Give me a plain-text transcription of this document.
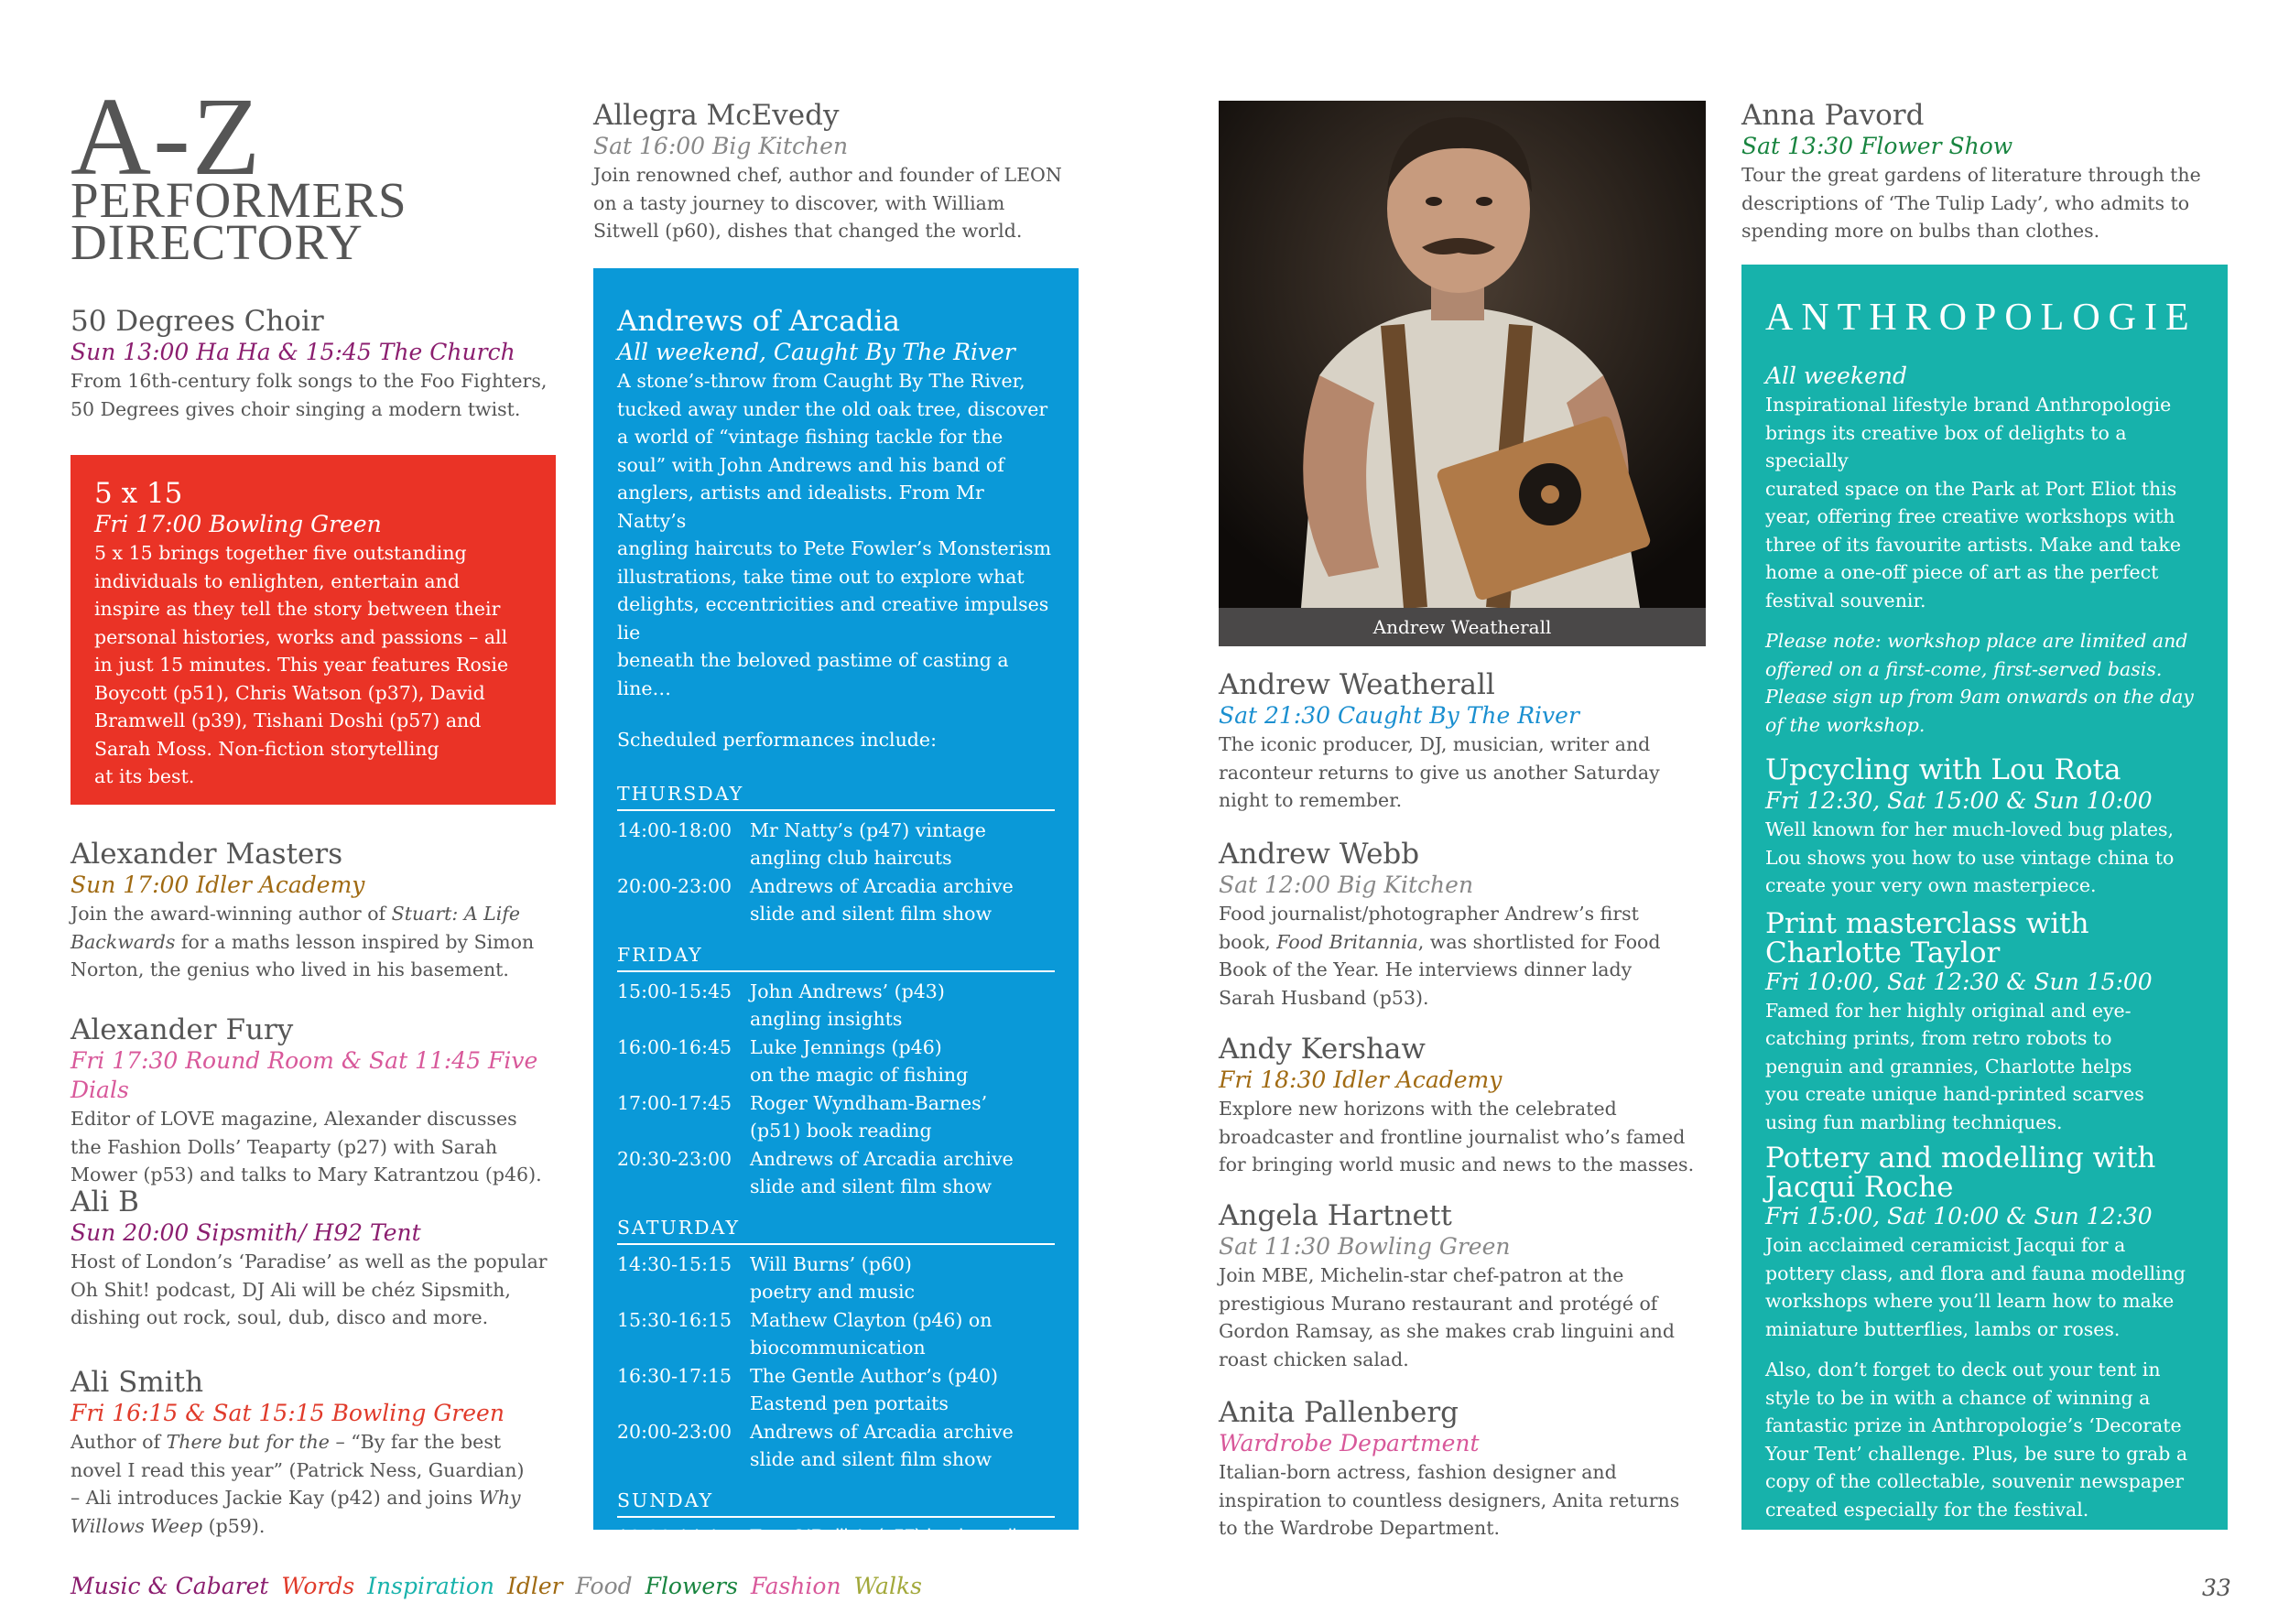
A-Z
PERFORMERS
DIRECTORY
50 Degrees Choir
Sun 13:00 Ha Ha & 15:45 The Church
From 16th-century folk songs to the Foo Fighters,
50 Degrees gives choir singing a modern twist.
5 x 15
Fri 17:00 Bowling Green
5 x 15 brings together five outstanding
individuals to enlighten, entertain and
inspire as they tell the story between their
personal histories, works and passions – all
in just 15 minutes. This year features Rosie
Boycott (p51), Chris Watson (p37), David
Bramwell (p39), Tishani Doshi (p57) and
Sarah Moss. Non-fiction storytelling
at its best.
Alexander Masters
Sun 17:00 Idler Academy
Join the award-winning author of Stuart: A Life
Backwards for a maths lesson inspired by Simon
Norton, the genius who lived in his basement.
Alexander Fury
Fri 17:30 Round Room & Sat 11:45 Five Dials
Editor of LOVE magazine, Alexander discusses
the Fashion Dolls’ Teaparty (p27) with Sarah
Mower (p53) and talks to Mary Katrantzou (p46).
Ali B
Sun 20:00 Sipsmith/ H92 Tent
Host of London’s ‘Paradise’ as well as the popular
Oh Shit! podcast, DJ Ali will be chéz Sipsmith,
dishing out rock, soul, dub, disco and more.
Ali Smith
Fri 16:15 & Sat 15:15 Bowling Green
Author of There but for the – “By far the best
novel I read this year” (Patrick Ness, Guardian)
– Ali introduces Jackie Kay (p42) and joins Why
Willows Weep (p59).
Allegra McEvedy
Sat 16:00 Big Kitchen
Join renowned chef, author and founder of LEON
on a tasty journey to discover, with William
Sitwell (p60), dishes that changed the world.
Andrews of Arcadia
All weekend, Caught By The River
A stone’s-throw from Caught By The River,
tucked away under the old oak tree, discover
a world of “vintage fishing tackle for the
soul” with John Andrews and his band of
anglers, artists and idealists. From Mr Natty’s
angling haircuts to Pete Fowler’s Monsterism
illustrations, take time out to explore what
delights, eccentricities and creative impulses lie
beneath the beloved pastime of casting a line…
Scheduled performances include:
THURSDAY
14:00-18:00 Mr Natty’s (p47) vintage
angling club haircuts
20:00-23:00 Andrews of Arcadia archive
slide and silent film show
FRIDAY
15:00-15:45 John Andrews’ (p43)
angling insights
16:00-16:45 Luke Jennings (p46)
on the magic of fishing
17:00-17:45 Roger Wyndham-Barnes’
(p51) book reading
20:30-23:00 Andrews of Arcadia archive
slide and silent film show
SATURDAY
14:30-15:15 Will Burns’ (p60)
poetry and music
15:30-16:15 Mathew Clayton (p46) on
biocommunication
16:30-17:15 The Gentle Author’s (p40)
Eastend pen portaits
20:00-23:00 Andrews of Arcadia archive
slide and silent film show
SUNDAY
13:30-14:15 Tom O’Reilly’s (p57) book reading
14:30-15:30 Jon Berry’s (p43) book reading
Andrew Weatherall
Andrew Weatherall
Sat 21:30 Caught By The River
The iconic producer, DJ, musician, writer and
raconteur returns to give us another Saturday
night to remember.
Andrew Webb
Sat 12:00 Big Kitchen
Food journalist/photographer Andrew’s first
book, Food Britannia, was shortlisted for Food
Book of the Year. He interviews dinner lady
Sarah Husband (p53).
Andy Kershaw
Fri 18:30 Idler Academy
Explore new horizons with the celebrated
broadcaster and frontline journalist who’s famed
for bringing world music and news to the masses.
Angela Hartnett
Sat 11:30 Bowling Green
Join MBE, Michelin-star chef-patron at the
prestigious Murano restaurant and protégé of
Gordon Ramsay, as she makes crab linguini and
roast chicken salad.
Anita Pallenberg
Wardrobe Department
Italian-born actress, fashion designer and
inspiration to countless designers, Anita returns
to the Wardrobe Department.
Anna Pavord
Sat 13:30 Flower Show
Tour the great gardens of literature through the
descriptions of ‘The Tulip Lady’, who admits to
spending more on bulbs than clothes.
ANTHROPOLOGIE
All weekend
Inspirational lifestyle brand Anthropologie
brings its creative box of delights to a specially
curated space on the Park at Port Eliot this
year, offering free creative workshops with
three of its favourite artists. Make and take
home a one-off piece of art as the perfect
festival souvenir.
Please note: workshop place are limited and
offered on a first-come, first-served basis.
Please sign up from 9am onwards on the day
of the workshop.
Upcycling with Lou Rota
Fri 12:30, Sat 15:00 & Sun 10:00
Well known for her much-loved bug plates,
Lou shows you how to use vintage china to
create your very own masterpiece.
Print masterclass with
Charlotte Taylor
Fri 10:00, Sat 12:30 & Sun 15:00
Famed for her highly original and eye-
catching prints, from retro robots to
penguin and grannies, Charlotte helps
you create unique hand-printed scarves
using fun marbling techniques.
Pottery and modelling with
Jacqui Roche
Fri 15:00, Sat 10:00 & Sun 12:30
Join acclaimed ceramicist Jacqui for a
pottery class, and flora and fauna modelling
workshops where you’ll learn how to make
miniature butterflies, lambs or roses.
Also, don’t forget to deck out your tent in
style to be in with a chance of winning a
fantastic prize in Anthropologie’s ‘Decorate
Your Tent’ challenge. Plus, be sure to grab a
copy of the collectable, souvenir newspaper
created especially for the festival.
Music & Cabaret Words Inspiration Idler Food Flowers Fashion Walks	33
